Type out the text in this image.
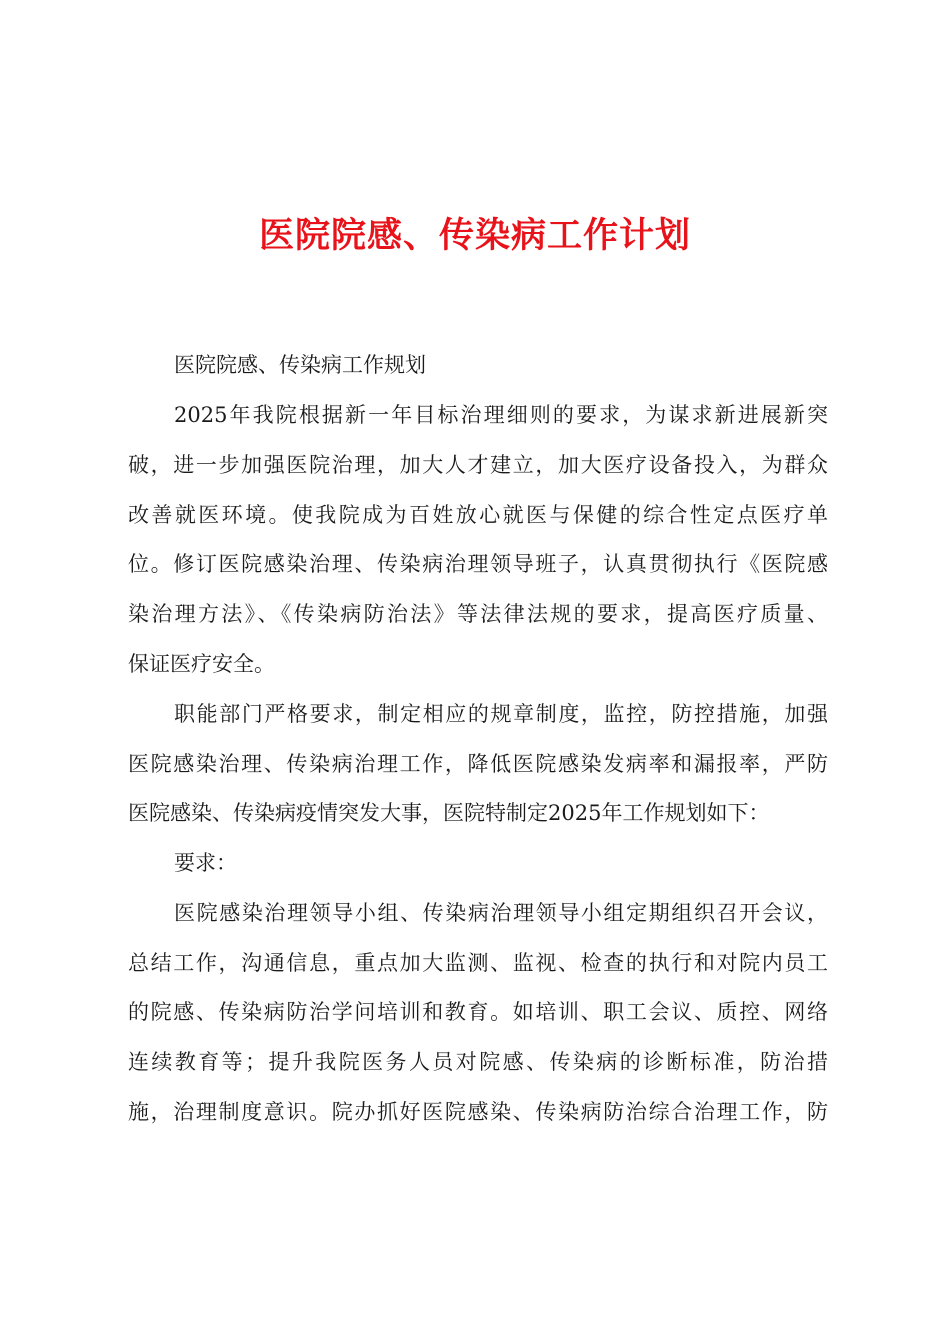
医院院感、传染病工作计划

医院院感、传染病工作规划

2025年我院根据新一年目标治理细则的要求，为谋求新进展新突

破，进一步加强医院治理，加大人才建立，加大医疗设备投入，为群众

改善就医环境。使我院成为百姓放心就医与保健的综合性定点医疗单

位。修订医院感染治理、传染病治理领导班子，认真贯彻执行《医院感

染治理方法》、《传染病防治法》等法律法规的要求，提高医疗质量、

保证医疗安全。

职能部门严格要求，制定相应的规章制度，监控，防控措施，加强

医院感染治理、传染病治理工作，降低医院感染发病率和漏报率，严防

医院感染、传染病疫情突发大事，医院特制定2025年工作规划如下：

要求：

医院感染治理领导小组、传染病治理领导小组定期组织召开会议，

总结工作，沟通信息，重点加大监测、监视、检查的执行和对院内员工

的院感、传染病防治学问培训和教育。如培训、职工会议、质控、网络

连续教育等；提升我院医务人员对院感、传染病的诊断标准，防治措

施，治理制度意识。院办抓好医院感染、传染病防治综合治理工作，防
